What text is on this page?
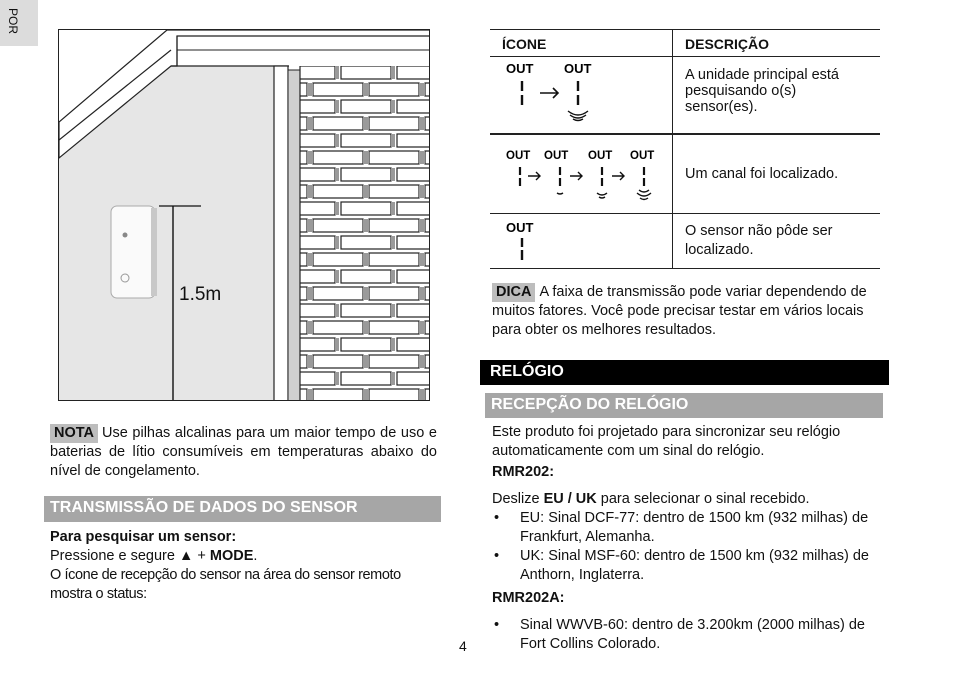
POR
1.5m
NOTA Use pilhas alcalinas para um maior tempo de uso e baterias de lítio consumíveis em temperaturas abaixo do nível de congelamento.
TRANSMISSÃO DE DADOS DO SENSOR
Para pesquisar um sensor:
Pressione e segure ▲ + MODE.
O ícone de recepção do sensor na área do sensor remoto mostra o status:
ÍCONE	DESCRIÇÃO

OUT OUT	A unidade principal está pesquisando o(s) sensor(es).

OUT OUT OUT OUT	Um canal foi localizado.

OUT	O sensor não pôde ser localizado.
DICA A faixa de transmissão pode variar dependendo de muitos fatores. Você pode precisar testar em vários locais para obter os melhores resultados.
RELÓGIO
RECEPÇÃO DO RELÓGIO
Este produto foi projetado para sincronizar seu relógio automaticamente com um sinal do relógio.
RMR202:
Deslize EU / UK para selecionar o sinal recebido.
• EU: Sinal DCF-77: dentro de 1500 km (932 milhas) de Frankfurt, Alemanha.
• UK: Sinal MSF-60: dentro de 1500 km (932 milhas) de Anthorn, Inglaterra.
RMR202A:
• Sinal WWVB-60: dentro de 3.200km (2000 milhas) de Fort Collins Colorado.
4
